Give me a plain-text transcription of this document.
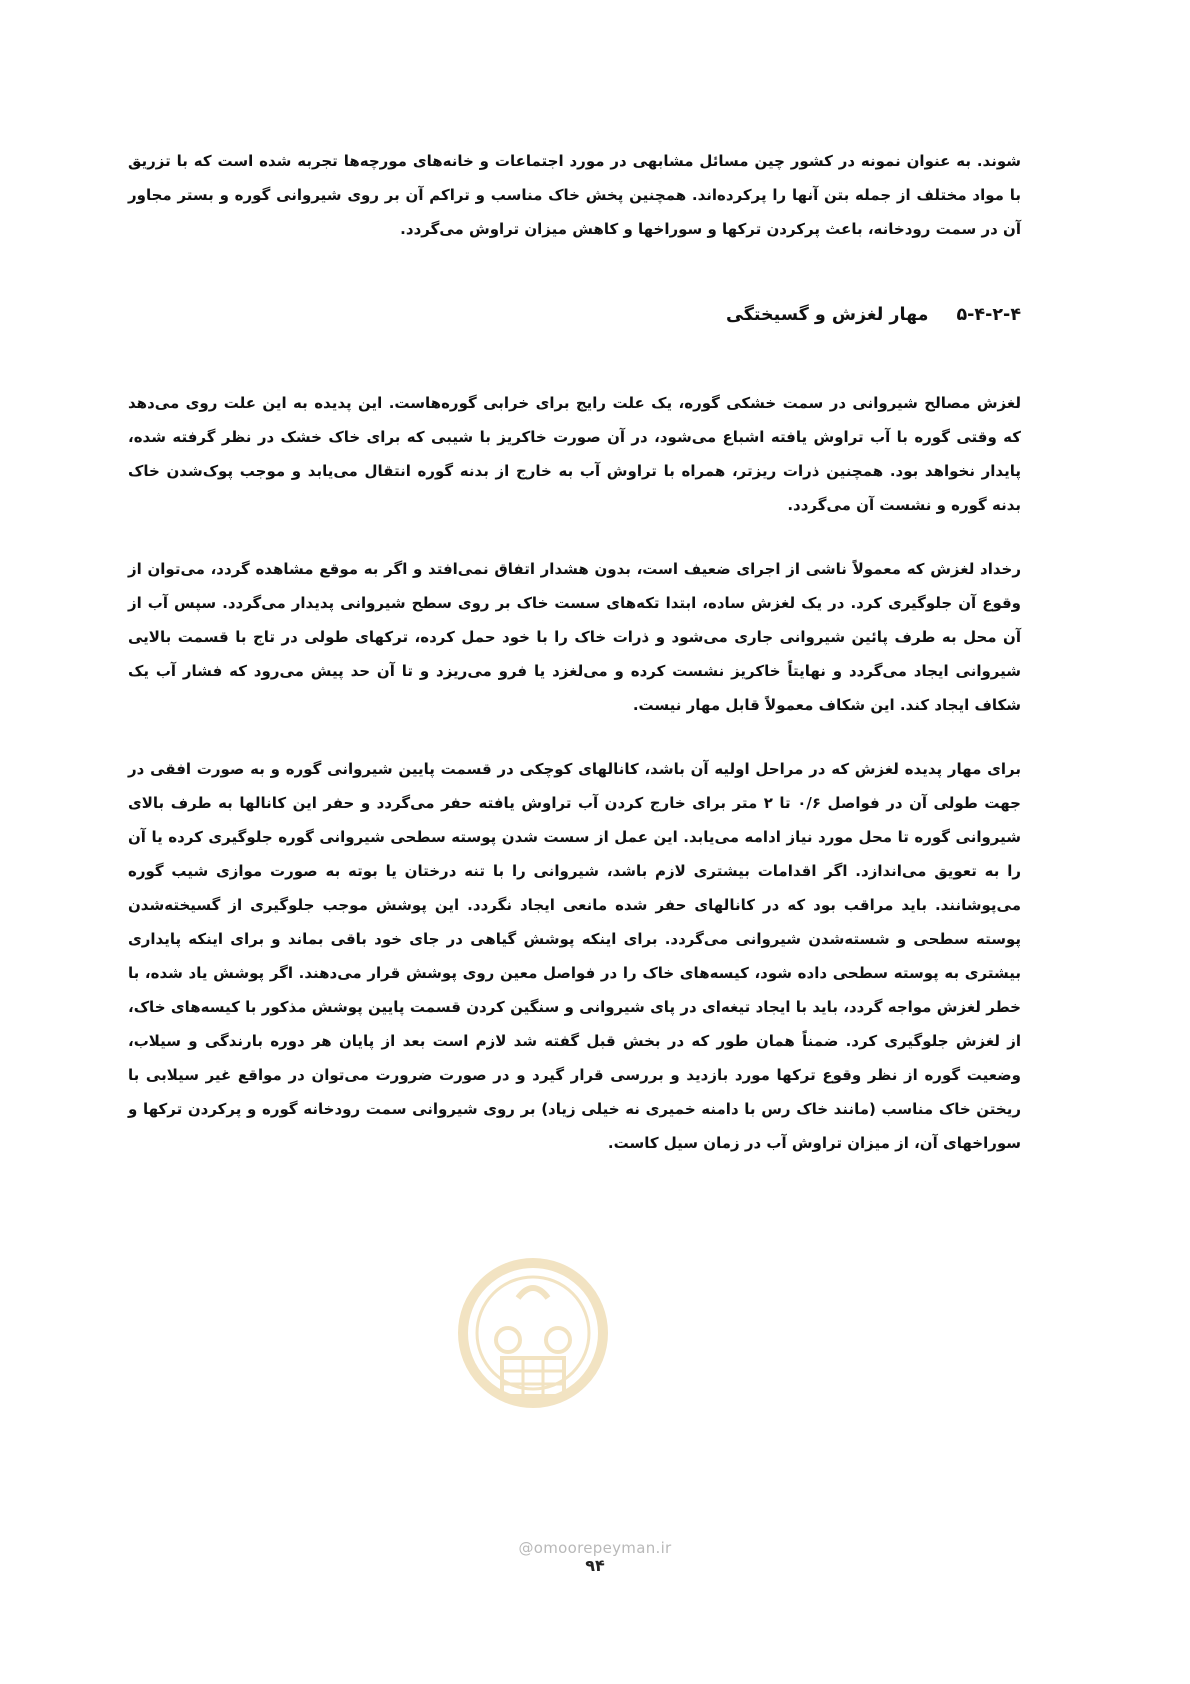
شوند. به عنوان نمونه در کشور چین مسائل مشابهی در مورد اجتماعات و خانه‌های مورچه‌ها تجربه شده است که با تزریق با مواد مختلف از جمله بتن آنها را پرکرده‌اند. همچنین پخش خاک مناسب و تراکم آن بر روی شیروانی گوره و بستر مجاور آن در سمت رودخانه، باعث پرکردن ترکها و سوراخها و کاهش میزان تراوش می‌گردد.

۵-۴-۲-۴
مهار لغزش و گسیختگی

لغزش مصالح شیروانی در سمت خشکی گوره، یک علت رایج برای خرابی گوره‌هاست. این پدیده به این علت روی می‌دهد که وقتی گوره با آب تراوش یافته اشباع می‌شود، در آن صورت خاکریز با شیبی که برای خاک خشک در نظر گرفته شده، پایدار نخواهد بود. همچنین ذرات ریزتر، همراه با تراوش آب به خارج از بدنه گوره انتقال می‌یابد و موجب پوک‌شدن خاک بدنه گوره و نشست آن می‌گردد.

رخداد لغزش که معمولاً ناشی از اجرای ضعیف است، بدون هشدار اتفاق نمی‌افتد و اگر به موقع مشاهده گردد، می‌توان از وقوع آن جلوگیری کرد. در یک لغزش ساده، ابتدا تکه‌های سست خاک بر روی سطح شیروانی پدیدار می‌گردد. سپس آب از آن محل به طرف پائین شیروانی جاری می‌شود و ذرات خاک را با خود حمل کرده، ترکهای طولی در تاج با قسمت بالایی شیروانی ایجاد می‌گردد و نهایتاً خاکریز نشست کرده و می‌لغزد یا فرو می‌ریزد و تا آن حد پیش می‌رود که فشار آب یک شکاف ایجاد کند. این شکاف معمولاً قابل مهار نیست.

برای مهار پدیده لغزش که در مراحل اولیه آن باشد، کانالهای کوچکی در قسمت پایین شیروانی گوره و به صورت افقی در جهت طولی آن در فواصل ۰/۶ تا ۲ متر برای خارج کردن آب تراوش یافته حفر می‌گردد و حفر این کانالها به طرف بالای شیروانی گوره تا محل مورد نیاز ادامه می‌یابد. این عمل از سست شدن پوسته سطحی شیروانی گوره جلوگیری کرده یا آن را به تعویق می‌اندازد. اگر اقدامات بیشتری لازم باشد، شیروانی را با تنه درختان یا بوته به صورت موازی شیب گوره می‌پوشانند. باید مراقب بود که در کانالهای حفر شده مانعی ایجاد نگردد. این پوشش موجب جلوگیری از گسیخته‌شدن پوسته سطحی و شسته‌شدن شیروانی می‌گردد. برای اینکه پوشش گیاهی در جای خود باقی بماند و برای اینکه پایداری بیشتری به پوسته سطحی داده شود، کیسه‌های خاک را در فواصل معین روی پوشش قرار می‌دهند. اگر پوشش یاد شده، با خطر لغزش مواجه گردد، باید با ایجاد تیغه‌ای در پای شیروانی و سنگین کردن قسمت پایین پوشش مذکور با کیسه‌های خاک، از لغزش جلوگیری کرد. ضمناً همان طور که در بخش قبل گفته شد لازم است بعد از پایان هر دوره بارندگی و سیلاب، وضعیت گوره از نظر وقوع ترکها مورد بازدید و بررسی قرار گیرد و در صورت ضرورت می‌توان در مواقع غیر سیلابی با ریختن خاک مناسب (مانند خاک رس با دامنه خمیری نه خیلی زیاد) بر روی شیروانی سمت رودخانه گوره و پرکردن ترکها و سوراخهای آن، از میزان تراوش آب در زمان سیل کاست.

@omoorepeyman.ir
۹۴
